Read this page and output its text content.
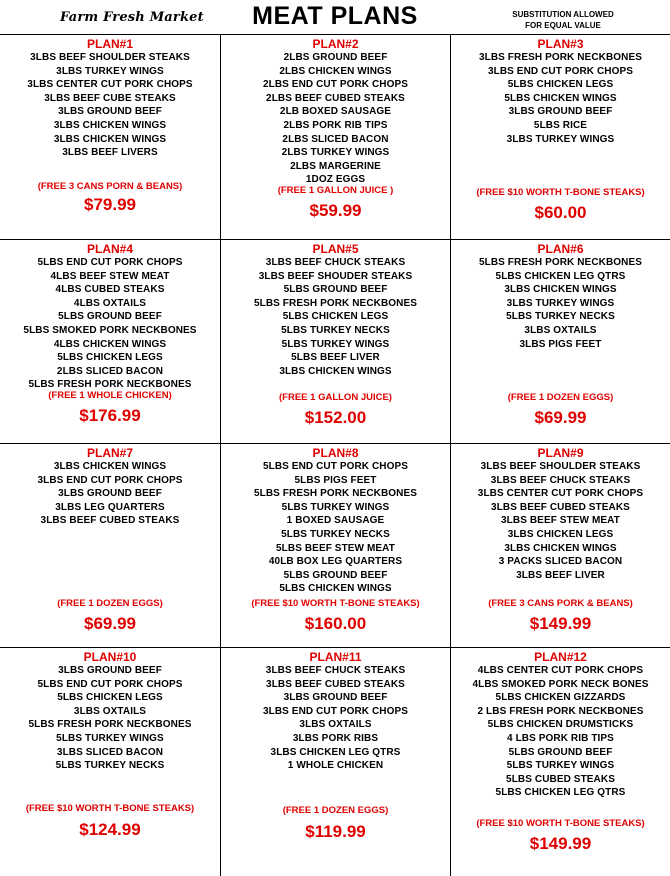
Farm Fresh Market	MEAT PLANS	SUBSTITUTION ALLOWED
FOR EQUAL VALUE
PLAN#1
3LBS BEEF SHOULDER STEAKS
3LBS TURKEY WINGS
3LBS CENTER CUT PORK CHOPS
3LBS BEEF CUBE STEAKS
3LBS GROUND BEEF
3LBS CHICKEN WINGS
3LBS CHICKEN WINGS
3LBS BEEF LIVERS
(FREE 3 CANS PORN & BEANS)
$79.99
PLAN#2
2LBS GROUND BEEF
2LBS CHICKEN WINGS
2LBS END CUT PORK CHOPS
2LBS BEEF CUBED STEAKS
2LB BOXED SAUSAGE
2LBS PORK RIB TIPS
2LBS SLICED BACON
2LBS TURKEY WINGS
2LBS MARGERINE
1DOZ EGGS
(FREE 1 GALLON JUICE )
$59.99
PLAN#3
3LBS FRESH PORK NECKBONES
3LBS END CUT PORK CHOPS
5LBS CHICKEN LEGS
5LBS CHICKEN WINGS
3LBS GROUND BEEF
5LBS RICE
3LBS TURKEY WINGS
(FREE $10 WORTH T-BONE STEAKS)
$60.00
PLAN#4
5LBS END CUT PORK CHOPS
4LBS BEEF STEW MEAT
4LBS CUBED STEAKS
4LBS OXTAILS
5LBS GROUND BEEF
5LBS SMOKED PORK NECKBONES
4LBS CHICKEN WINGS
5LBS CHICKEN LEGS
2LBS SLICED BACON
5LBS FRESH PORK NECKBONES
(FREE 1 WHOLE CHICKEN)
$176.99
PLAN#5
3LBS BEEF CHUCK STEAKS
3LBS BEEF SHOUDER STEAKS
5LBS GROUND BEEF
5LBS FRESH PORK NECKBONES
5LBS CHICKEN LEGS
5LBS TURKEY NECKS
5LBS TURKEY WINGS
5LBS BEEF LIVER
3LBS CHICKEN WINGS
(FREE 1 GALLON JUICE)
$152.00
PLAN#6
5LBS FRESH PORK NECKBONES
5LBS CHICKEN LEG QTRS
3LBS CHICKEN WINGS
3LBS TURKEY WINGS
5LBS TURKEY NECKS
3LBS OXTAILS
3LBS PIGS FEET
(FREE 1 DOZEN EGGS)
$69.99
PLAN#7
3LBS CHICKEN WINGS
3LBS END CUT PORK CHOPS
3LBS GROUND BEEF
3LBS LEG QUARTERS
3LBS BEEF CUBED STEAKS
(FREE 1 DOZEN EGGS)
$69.99
PLAN#8
5LBS END CUT PORK CHOPS
5LBS PIGS FEET
5LBS FRESH PORK NECKBONES
5LBS TURKEY WINGS
1 BOXED SAUSAGE
5LBS TURKEY NECKS
5LBS BEEF STEW MEAT
40LB BOX LEG QUARTERS
5LBS GROUND BEEF
5LBS CHICKEN WINGS
(FREE $10 WORTH T-BONE STEAKS)
$160.00
PLAN#9
3LBS BEEF SHOULDER STEAKS
3LBS BEEF CHUCK STEAKS
3LBS CENTER CUT PORK CHOPS
3LBS BEEF CUBED STEAKS
3LBS BEEF STEW MEAT
3LBS CHICKEN LEGS
3LBS CHICKEN WINGS
3 PACKS SLICED BACON
3LBS BEEF LIVER
(FREE 3 CANS PORK & BEANS)
$149.99
PLAN#10
3LBS GROUND BEEF
5LBS END CUT PORK CHOPS
5LBS CHICKEN LEGS
3LBS OXTAILS
5LBS FRESH PORK NECKBONES
5LBS TURKEY WINGS
3LBS SLICED BACON
5LBS TURKEY NECKS
(FREE $10 WORTH T-BONE STEAKS)
$124.99
PLAN#11
3LBS BEEF CHUCK STEAKS
3LBS BEEF CUBED STEAKS
3LBS GROUND BEEF
3LBS END CUT PORK CHOPS
3LBS OXTAILS
3LBS PORK RIBS
3LBS CHICKEN LEG QTRS
1 WHOLE CHICKEN
(FREE 1 DOZEN EGGS)
$119.99
PLAN#12
4LBS CENTER CUT PORK CHOPS
4LBS SMOKED PORK NECK BONES
5LBS CHICKEN GIZZARDS
2 LBS FRESH PORK NECKBONES
5LBS CHICKEN DRUMSTICKS
4 LBS PORK RIB TIPS
5LBS GROUND BEEF
5LBS TURKEY WINGS
5LBS CUBED STEAKS
5LBS CHICKEN LEG QTRS
(FREE $10 WORTH T-BONE STEAKS)
$149.99
